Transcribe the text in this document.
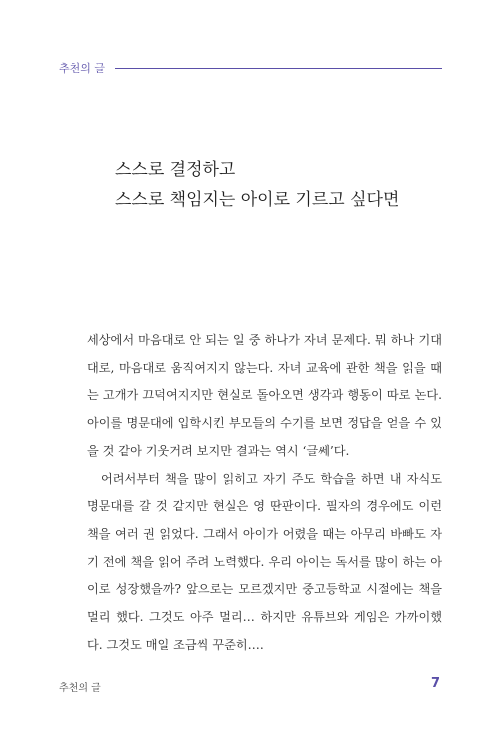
추천의 글
스스로 결정하고
스스로 책임지는 아이로 기르고 싶다면

세상에서 마음대로 안 되는 일 중 하나가 자녀 문제다. 뭐 하나 기대대로, 마음대로 움직여지지 않는다. 자녀 교육에 관한 책을 읽을 때는 고개가 끄덕여지지만 현실로 돌아오면 생각과 행동이 따로 논다. 아이를 명문대에 입학시킨 부모들의 수기를 보면 정답을 얻을 수 있을 것 같아 기웃거려 보지만 결과는 역시 ‘글쎄’다.

어려서부터 책을 많이 읽히고 자기 주도 학습을 하면 내 자식도 명문대를 갈 것 같지만 현실은 영 딴판이다. 필자의 경우에도 이런 책을 여러 권 읽었다. 그래서 아이가 어렸을 때는 아무리 바빠도 자기 전에 책을 읽어 주려 노력했다. 우리 아이는 독서를 많이 하는 아이로 성장했을까? 앞으로는 모르겠지만 중고등학교 시절에는 책을 멀리 했다. 그것도 아주 멀리… 하지만 유튜브와 게임은 가까이했다. 그것도 매일 조금씩 꾸준히….

추천의 글	7
